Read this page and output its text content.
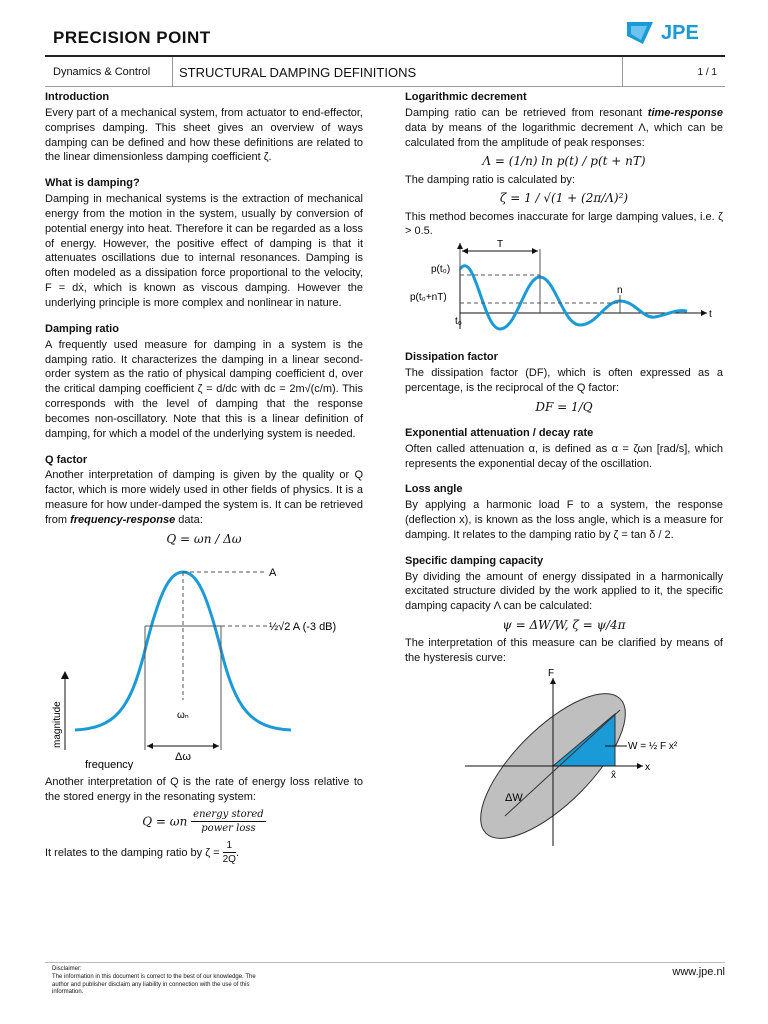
PRECISION POINT	JPE
Dynamics & Control	STRUCTURAL DAMPING DEFINITIONS	1 / 1
Introduction

Every part of a mechanical system, from actuator to end-effector, comprises damping. This sheet gives an overview of ways damping can be defined and how these definitions are related to the linear dimensionless damping coefficient ζ.

What is damping?

Damping in mechanical systems is the extraction of mechanical energy from the motion in the system, usually by conversion of potential energy into heat. Therefore it can be regarded as a loss of energy. However, the positive effect of damping is that it attenuates oscillations due to internal resonances. Damping is often modeled as a dissipation force proportional to the velocity, F = dẋ, which is known as viscous damping. However the underlying principle is more complex and nonlinear in nature.

Damping ratio

A frequently used measure for damping in a system is the damping ratio. It characterizes the damping in a linear second-order system as the ratio of physical damping coefficient d, over the critical damping coefficient ζ = d/dc with dc = 2m√(c/m). This corresponds with the level of damping that the response becomes non-oscillatory. Note that this is a linear definition of damping, for which a model of the underlying system is needed.

Q factor

Another interpretation of damping is given by the quality or Q factor, which is more widely used in other fields of physics. It is a measure for how under-damped the system is. It can be retrieved from frequency-response data:

Q = ωn / Δω
A
½√2 A (-3 dB)
ωₙ
Δω
magnitude
frequency

Another interpretation of Q is the rate of energy loss relative to the stored energy in the resonating system:

Q = ωn $\frac{\text{energy stored}}{\text{power loss}}$

It relates to the damping ratio by $\zeta = \frac{1}{2Q}$ .

Logarithmic decrement

Damping ratio can be retrieved from resonant time-response data by means of the logarithmic decrement Λ, which can be calculated from the amplitude of peak responses:

Λ = (1/n) ln p(t) / p(t + nT)

The damping ratio is calculated by:

ζ = 1 / √(1 + (2π/Λ)²)

This method becomes inaccurate for large damping values, i.e. ζ > 0.5.

T
n
p(t₀)
p(t₀+nT)
t₀
t
Dissipation factor

The dissipation factor (DF), which is often expressed as a percentage, is the reciprocal of the Q factor:

DF = 1/Q
Exponential attenuation / decay rate

Often called attenuation α, is defined as α = ζωn [rad/s], which represents the exponential decay of the oscillation.

Loss angle

By applying a harmonic load F to a system, the response (deflection x), is known as the loss angle, which is a measure for damping. It relates to the damping ratio by ζ = tan δ / 2.

Specific damping capacity

By dividing the amount of energy dissipated in a harmonically excitated structure divided by the work applied to it, the specific damping capacity Λ can be calculated:

ψ = ΔW/W, ζ = ψ/4π

The interpretation of this measure can be clarified by means of the hysteresis curve:

F
x
x̂
W = ½ F x²
ΔW
Disclaimer:
The information in this document is correct to the best of our knowledge. The author and publisher disclaim any liability in connection with the use of this information.
www.jpe.nl
